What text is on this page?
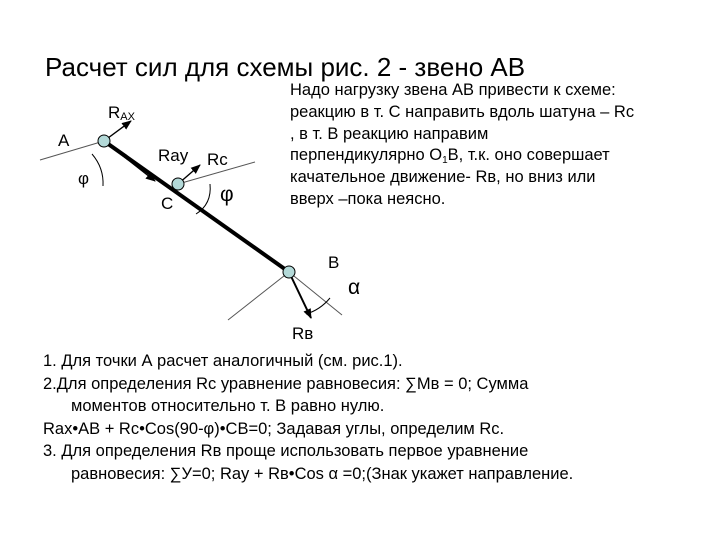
Расчет сил для схемы рис. 2 - звено АВ
RАХ
А
φ
Ray Rc
С φ
В
α
Rв
Надо нагрузку звена АВ привести к схеме:
реакцию в т. С направить вдоль шатуна – Rc
, в т. В реакцию направим
перпендикулярно $О_1В$, т.к. оно совершает
качательное движение- Rв, но вниз или
вверх –пока неясно.
1. Для точки А расчет аналогичный (см. рис.1).
2.Для определения Rc уравнение равновесия: ∑Мв = 0; Сумма
моментов относительно т. В равно нулю.
Rax•AB + Rc•Cos(90-φ)•CB=0; Задавая углы, определим Rc.
3. Для определения Rв проще использовать первое уравнение
равновесия: ∑У=0; Ray + Rв•Cos α =0;(Знак укажет направление.
